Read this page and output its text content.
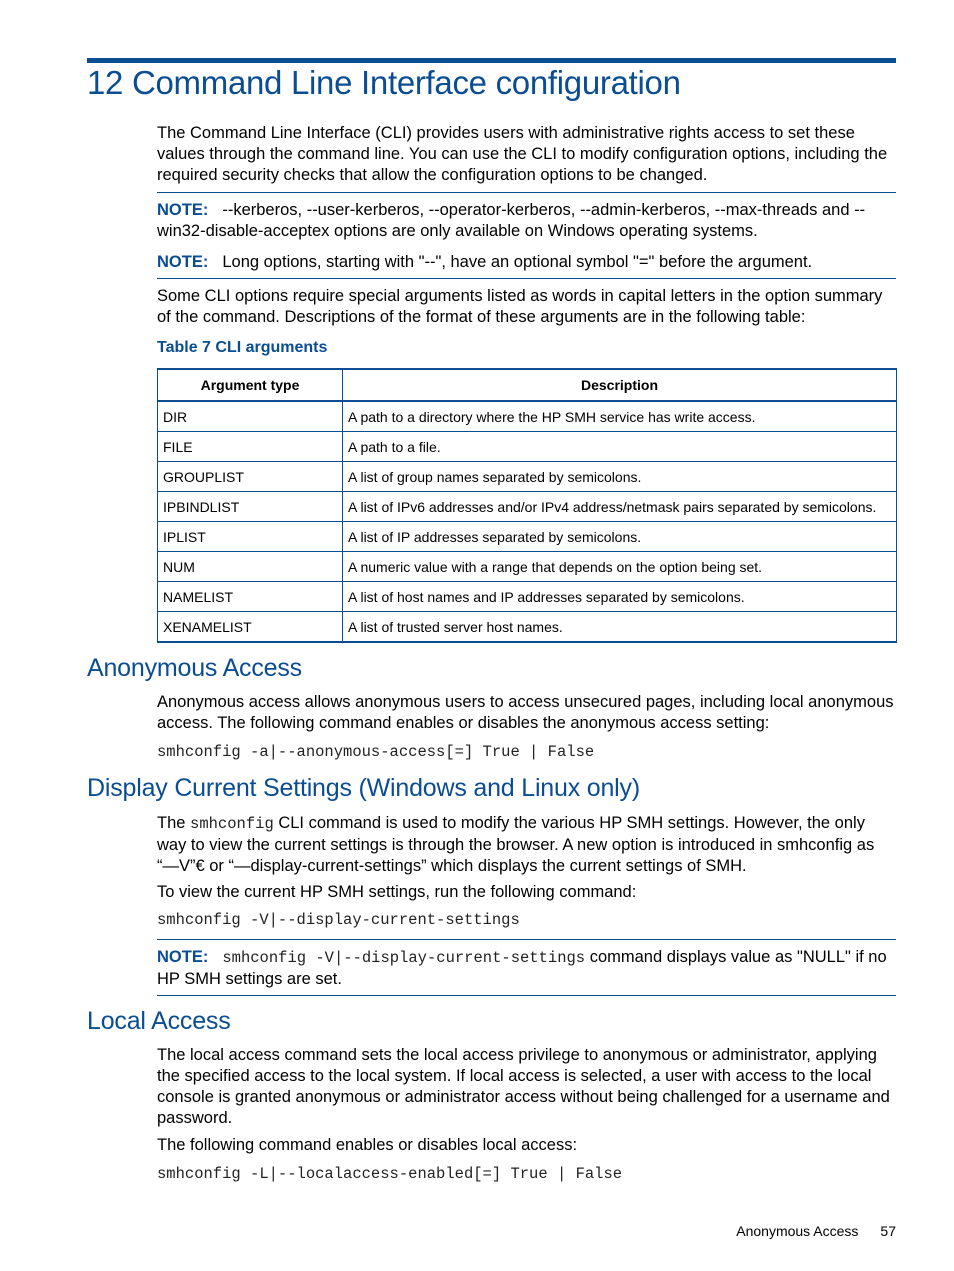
12 Command Line Interface configuration
The Command Line Interface (CLI) provides users with administrative rights access to set these values through the command line. You can use the CLI to modify configuration options, including the required security checks that allow the configuration options to be changed.
NOTE: --kerberos, --user-kerberos, --operator-kerberos, --admin-kerberos, --max-threads and --win32-disable-acceptex options are only available on Windows operating systems.
NOTE: Long options, starting with "--", have an optional symbol "=" before the argument.
Some CLI options require special arguments listed as words in capital letters in the option summary of the command. Descriptions of the format of these arguments are in the following table:
Table 7 CLI arguments
Argument type	Description
DIR	A path to a directory where the HP SMH service has write access.
FILE	A path to a file.
GROUPLIST	A list of group names separated by semicolons.
IPBINDLIST	A list of IPv6 addresses and/or IPv4 address/netmask pairs separated by semicolons.
IPLIST	A list of IP addresses separated by semicolons.
NUM	A numeric value with a range that depends on the option being set.
NAMELIST	A list of host names and IP addresses separated by semicolons.
XENAMELIST	A list of trusted server host names.
Anonymous Access
Anonymous access allows anonymous users to access unsecured pages, including local anonymous access. The following command enables or disables the anonymous access setting:
smhconfig -a|--anonymous-access[=] True | False
Display Current Settings (Windows and Linux only)
The smhconfig CLI command is used to modify the various HP SMH settings. However, the only way to view the current settings is through the browser. A new option is introduced in smhconfig as “—V”€ or “—display-current-settings” which displays the current settings of SMH.
To view the current HP SMH settings, run the following command:
smhconfig -V|--display-current-settings
NOTE: smhconfig -V|--display-current-settings command displays value as "NULL" if no HP SMH settings are set.
Local Access
The local access command sets the local access privilege to anonymous or administrator, applying the specified access to the local system. If local access is selected, a user with access to the local console is granted anonymous or administrator access without being challenged for a username and password.
The following command enables or disables local access:
smhconfig -L|--localaccess-enabled[=] True | False
Anonymous Access 57
